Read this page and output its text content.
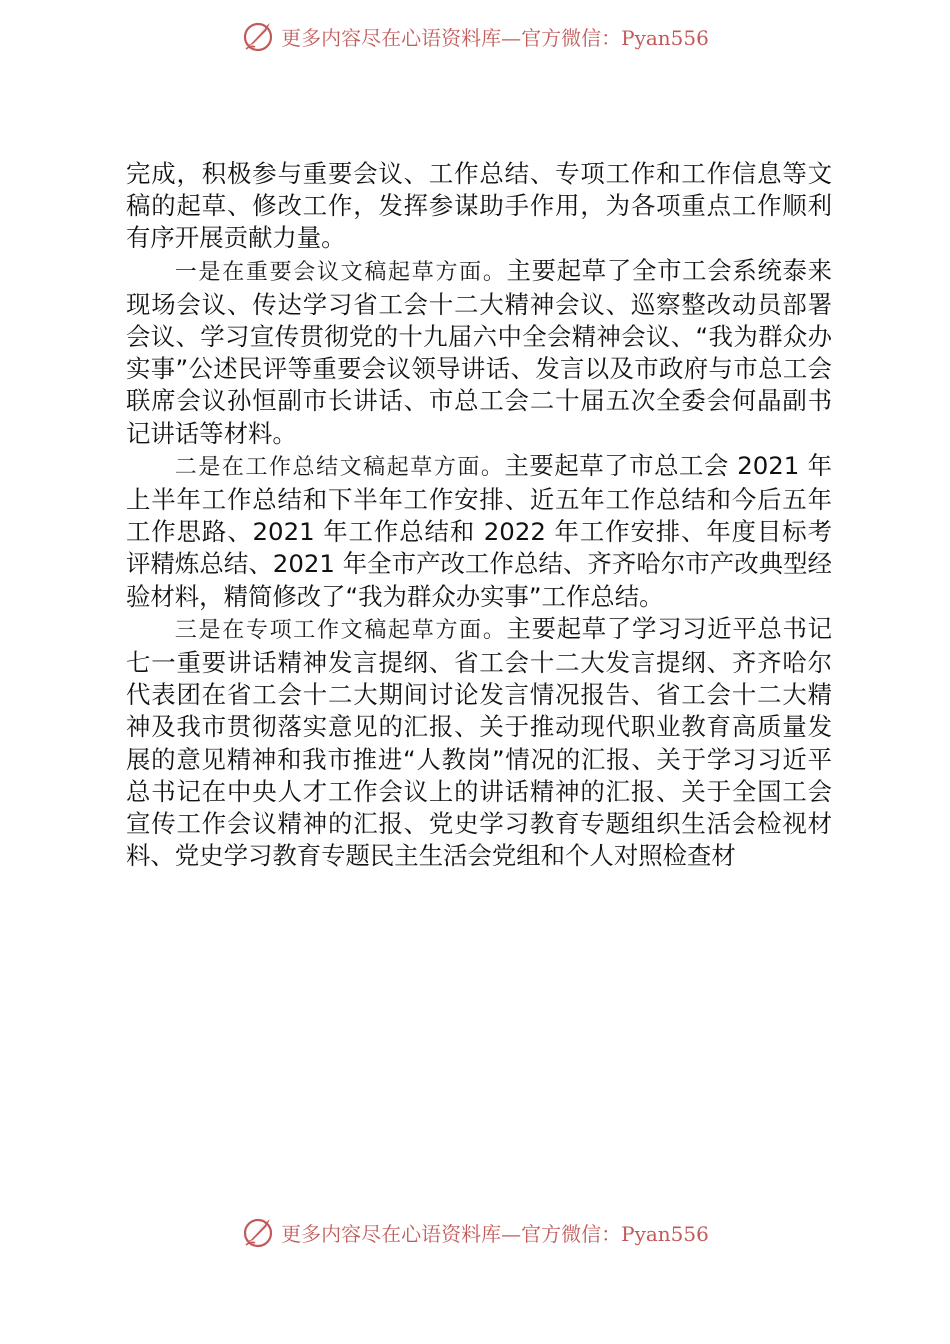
更多内容尽在心语资料库—官方微信：Pyan556

完成，积极参与重要会议、工作总结、专项工作和工作信息等文稿的起草、修改工作，发挥参谋助手作用，为各项重点工作顺利有序开展贡献力量。

一是在重要会议文稿起草方面。主要起草了全市工会系统泰来现场会议、传达学习省工会十二大精神会议、巡察整改动员部署会议、学习宣传贯彻党的十九届六中全会精神会议、“我为群众办实事”公述民评等重要会议领导讲话、发言以及市政府与市总工会联席会议孙恒副市长讲话、市总工会二十届五次全委会何晶副书记讲话等材料。

二是在工作总结文稿起草方面。主要起草了市总工会 2021 年上半年工作总结和下半年工作安排、近五年工作总结和今后五年工作思路、2021 年工作总结和 2022 年工作安排、年度目标考评精炼总结、2021 年全市产改工作总结、齐齐哈尔市产改典型经验材料，精简修改了“我为群众办实事”工作总结。

三是在专项工作文稿起草方面。主要起草了学习习近平总书记七一重要讲话精神发言提纲、省工会十二大发言提纲、齐齐哈尔代表团在省工会十二大期间讨论发言情况报告、省工会十二大精神及我市贯彻落实意见的汇报、关于推动现代职业教育高质量发展的意见精神和我市推进“人教岗”情况的汇报、关于学习习近平总书记在中央人才工作会议上的讲话精神的汇报、关于全国工会宣传工作会议精神的汇报、党史学习教育专题组织生活会检视材料、党史学习教育专题民主生活会党组和个人对照检查材

更多内容尽在心语资料库—官方微信：Pyan556
